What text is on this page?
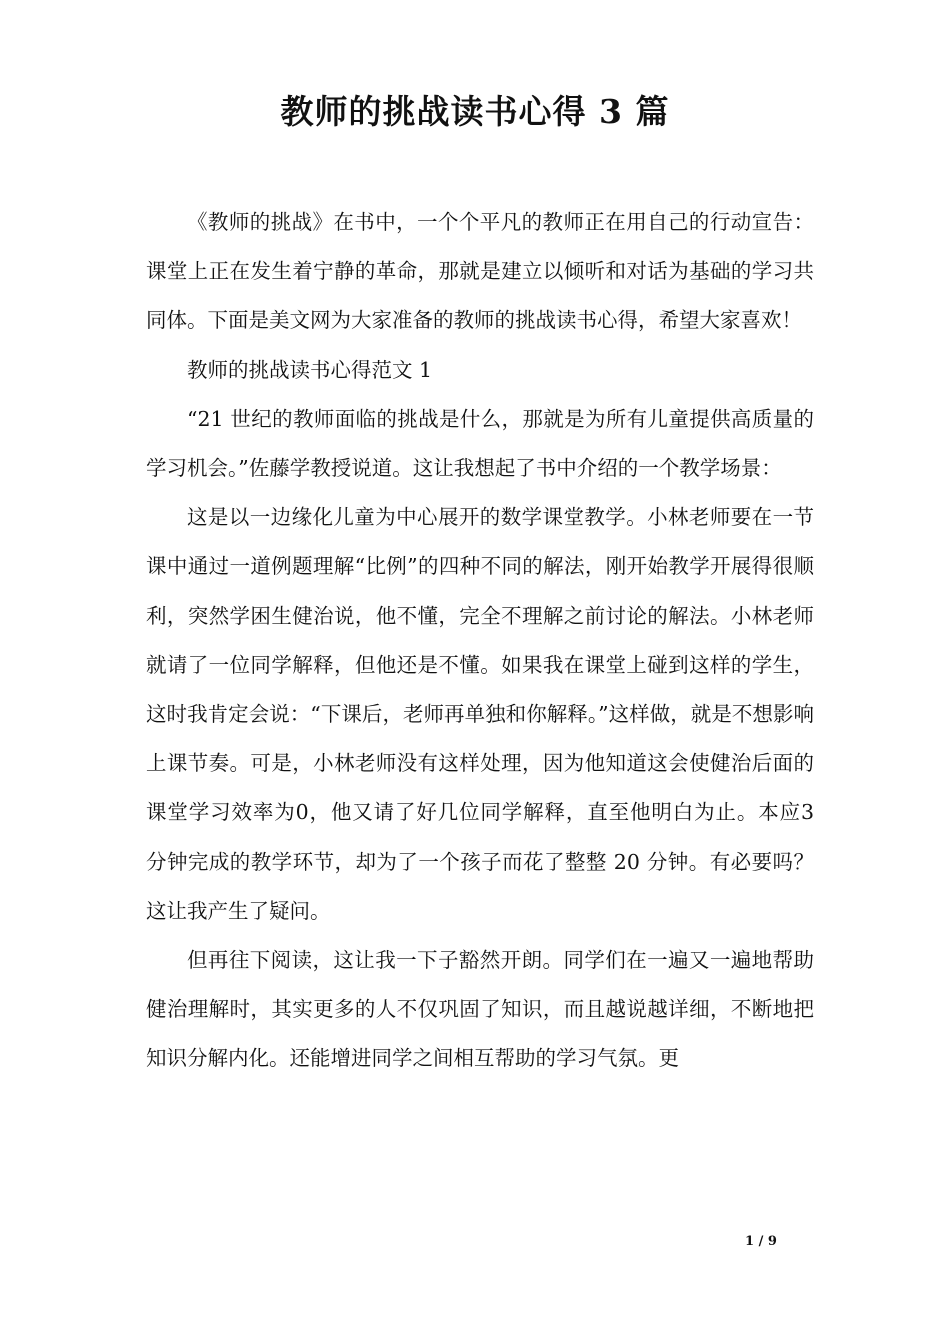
教师的挑战读书心得 3 篇

《教师的挑战》在书中，一个个平凡的教师正在用自己的行动宣告：课堂上正在发生着宁静的革命，那就是建立以倾听和对话为基础的学习共同体。下面是美文网为大家准备的教师的挑战读书心得，希望大家喜欢！

教师的挑战读书心得范文 1

“21 世纪的教师面临的挑战是什么，那就是为所有儿童提供高质量的学习机会。”佐藤学教授说道。这让我想起了书中介绍的一个教学场景：

这是以一边缘化儿童为中心展开的数学课堂教学。小林老师要在一节课中通过一道例题理解“比例”的四种不同的解法，刚开始教学开展得很顺利，突然学困生健治说，他不懂，完全不理解之前讨论的解法。小林老师就请了一位同学解释，但他还是不懂。如果我在课堂上碰到这样的学生，这时我肯定会说：“下课后，老师再单独和你解释。”这样做，就是不想影响上课节奏。可是，小林老师没有这样处理，因为他知道这会使健治后面的课堂学习效率为0，他又请了好几位同学解释，直至他明白为止。本应3 分钟完成的教学环节，却为了一个孩子而花了整整 20 分钟。有必要吗？这让我产生了疑问。

但再往下阅读，这让我一下子豁然开朗。同学们在一遍又一遍地帮助健治理解时，其实更多的人不仅巩固了知识，而且越说越详细，不断地把知识分解内化。还能增进同学之间相互帮助的学习气氛。更

1 / 9
